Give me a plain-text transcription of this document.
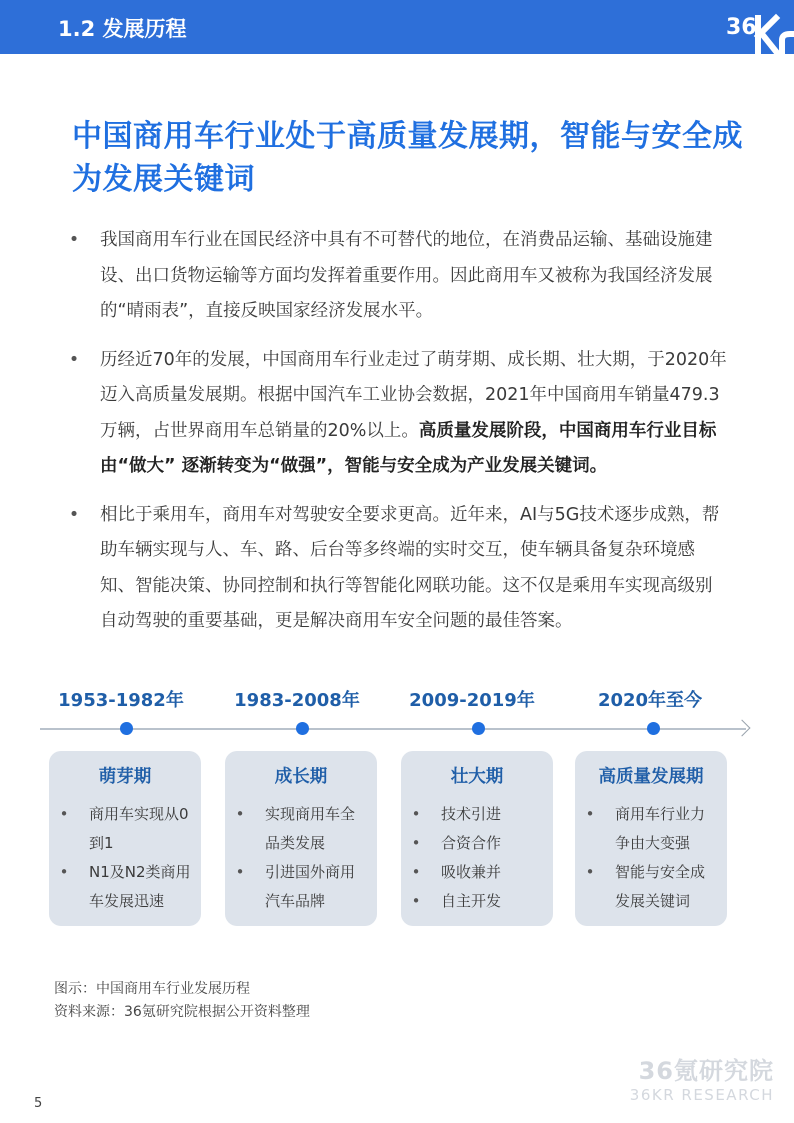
1.2 发展历程	36
中国商用车行业处于高质量发展期，智能与安全成为发展关键词
• 我国商用车行业在国民经济中具有不可替代的地位，在消费品运输、基础设施建设、出口货物运输等方面均发挥着重要作用。因此商用车又被称为我国经济发展的“晴雨表”，直接反映国家经济发展水平。
• 历经近70年的发展，中国商用车行业走过了萌芽期、成长期、壮大期，于2020年迈入高质量发展期。根据中国汽车工业协会数据，2021年中国商用车销量479.3万辆，占世界商用车总销量的20%以上。高质量发展阶段，中国商用车行业目标由“做大” 逐渐转变为“做强”，智能与安全成为产业发展关键词。
• 相比于乘用车，商用车对驾驶安全要求更高。近年来，AI与5G技术逐步成熟，帮助车辆实现与人、车、路、后台等多终端的实时交互，使车辆具备复杂环境感知、智能决策、协同控制和执行等智能化网联功能。这不仅是乘用车实现高级别自动驾驶的重要基础，更是解决商用车安全问题的最佳答案。
1953-1982年	1983-2008年	2009-2019年	2020年至今
萌芽期
• 商用车实现从0到1
• N1及N2类商用车发展迅速
成长期
• 实现商用车全品类发展
• 引进国外商用汽车品牌
壮大期
• 技术引进
• 合资合作
• 吸收兼并
• 自主开发
高质量发展期
• 商用车行业力争由大变强
• 智能与安全成发展关键词
图示：中国商用车行业发展历程
资料来源：36氪研究院根据公开资料整理
36氪研究院
36KR RESEARCH
5
